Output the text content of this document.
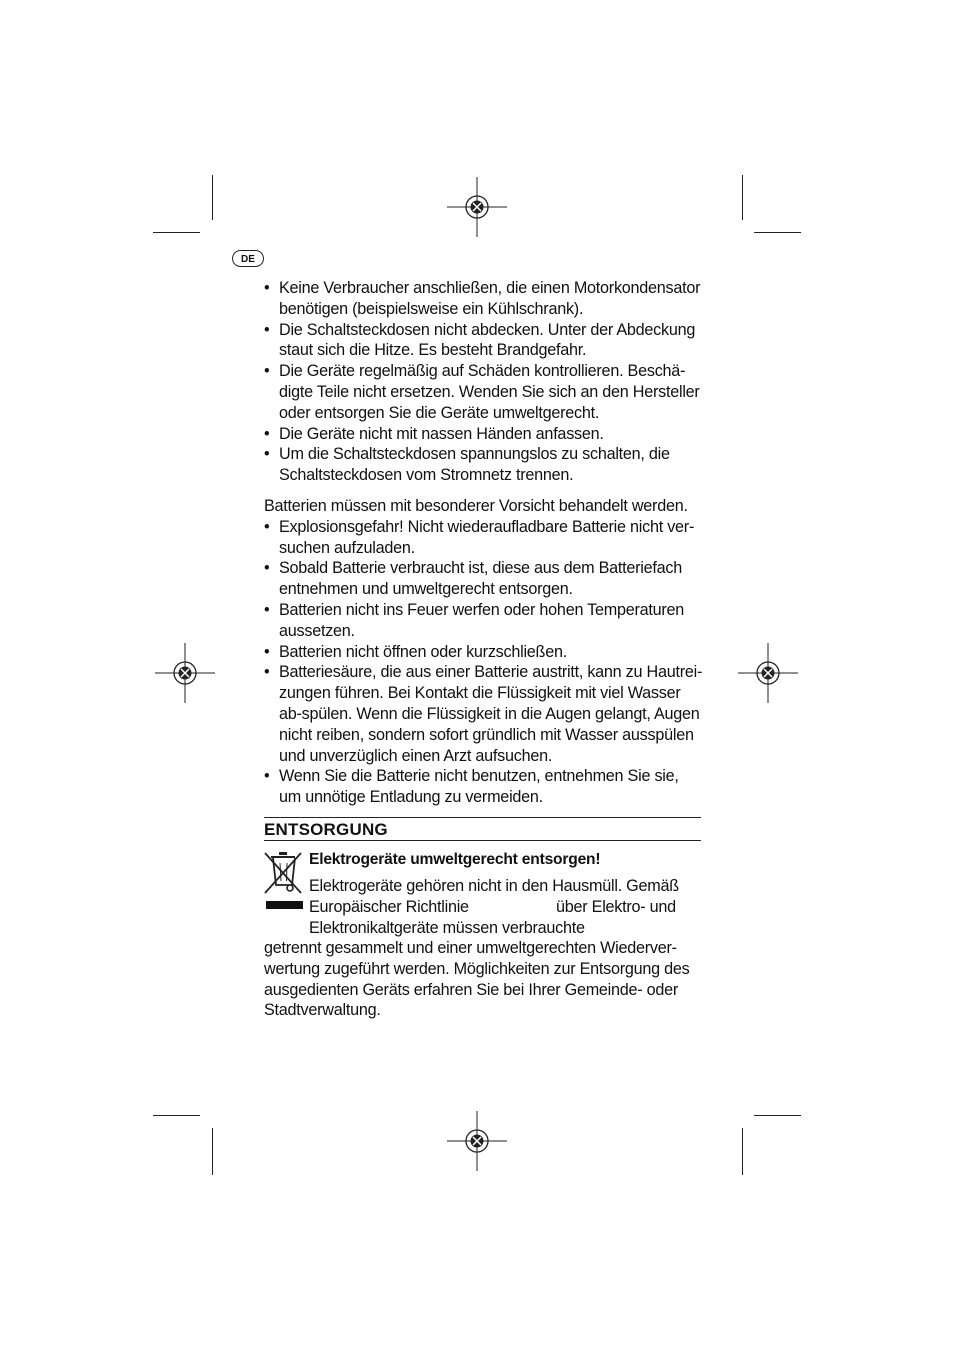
DE
• Keine Verbraucher anschließen, die einen Motorkondensator benötigen (beispielsweise ein Kühlschrank).
• Die Schaltsteckdosen nicht abdecken. Unter der Abdeckung staut sich die Hitze. Es besteht Brandgefahr.
• Die Geräte regelmäßig auf Schäden kontrollieren. Beschä-digte Teile nicht ersetzen. Wenden Sie sich an den Hersteller oder entsorgen Sie die Geräte umweltgerecht.
• Die Geräte nicht mit nassen Händen anfassen.
• Um die Schaltsteckdosen spannungslos zu schalten, die Schaltsteckdosen vom Stromnetz trennen.

Batterien müssen mit besonderer Vorsicht behandelt werden.

• Explosionsgefahr! Nicht wiederaufladbare Batterie nicht ver-suchen aufzuladen.
• Sobald Batterie verbraucht ist, diese aus dem Batteriefach entnehmen und umweltgerecht entsorgen.
• Batterien nicht ins Feuer werfen oder hohen Temperaturen aussetzen.
• Batterien nicht öffnen oder kurzschließen.
• Batteriesäure, die aus einer Batterie austritt, kann zu Hautrei-zungen führen. Bei Kontakt die Flüssigkeit mit viel Wasser ab-spülen. Wenn die Flüssigkeit in die Augen gelangt, Augen nicht reiben, sondern sofort gründlich mit Wasser ausspülen und unverzüglich einen Arzt aufsuchen.
• Wenn Sie die Batterie nicht benutzen, entnehmen Sie sie, um unnötige Entladung zu vermeiden.
ENTSORGUNG
Elektrogeräte umweltgerecht entsorgen!
Elektrogeräte gehören nicht in den Hausmüll. Gemäß
Europäischer Richtlinie	über Elektro- und
Elektronikaltgeräte müssen verbrauchte
getrennt gesammelt und einer umweltgerechten Wiederver-wertung zugeführt werden. Möglichkeiten zur Entsorgung des ausgedienten Geräts erfahren Sie bei Ihrer Gemeinde- oder Stadtverwaltung.
